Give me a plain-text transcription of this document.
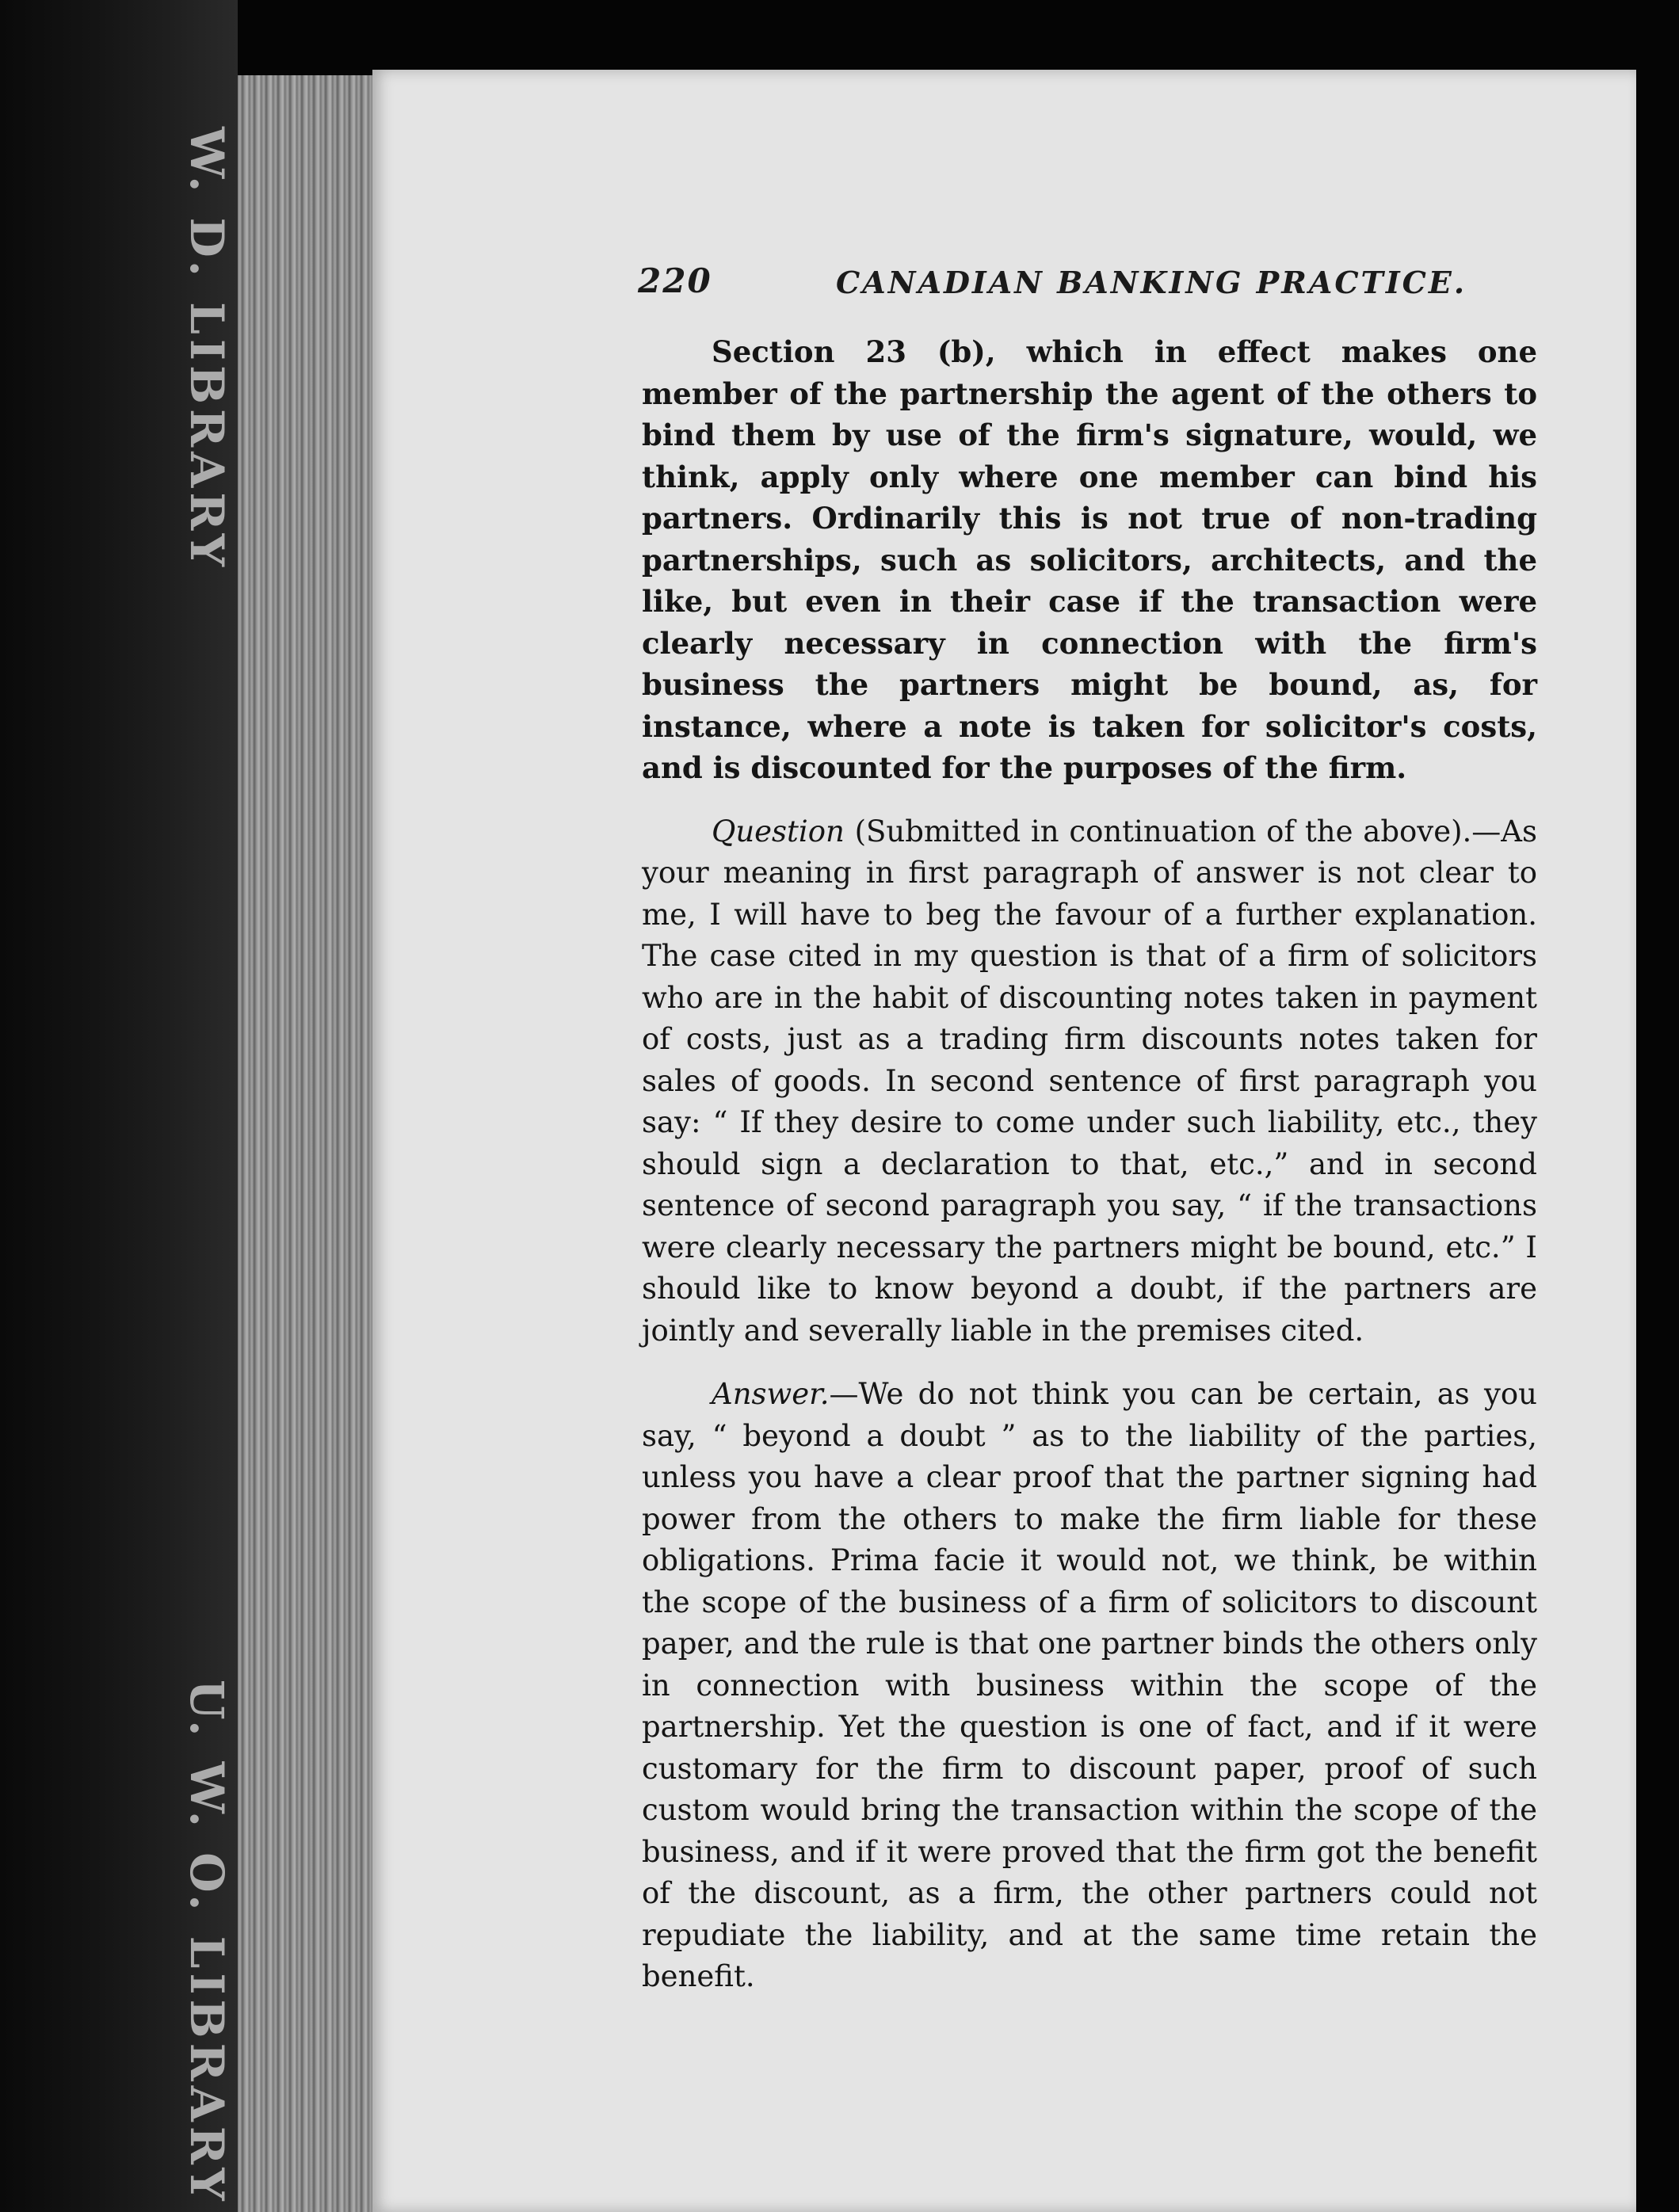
W. D. LIBRARY
U. W. O. LIBRARY
220	CANADIAN BANKING PRACTICE.

Section 23 (b), which in effect makes one member of the partnership the agent of the others to bind them by use of the firm's signature, would, we think, apply only where one member can bind his partners. Ordinarily this is not true of non-trading partnerships, such as solicitors, architects, and the like, but even in their case if the transaction were clearly necessary in connection with the firm's business the partners might be bound, as, for instance, where a note is taken for solicitor's costs, and is discounted for the purposes of the firm.

Question (Submitted in continuation of the above).—As your meaning in first paragraph of answer is not clear to me, I will have to beg the favour of a further explanation. The case cited in my question is that of a firm of solicitors who are in the habit of discounting notes taken in payment of costs, just as a trading firm discounts notes taken for sales of goods. In second sentence of first paragraph you say: “ If they desire to come under such liability, etc., they should sign a declaration to that, etc.,” and in second sentence of second paragraph you say, “ if the transactions were clearly necessary the partners might be bound, etc.” I should like to know beyond a doubt, if the partners are jointly and severally liable in the premises cited.

Answer.—We do not think you can be certain, as you say, “ beyond a doubt ” as to the liability of the parties, unless you have a clear proof that the partner signing had power from the others to make the firm liable for these obligations. Prima facie it would not, we think, be within the scope of the business of a firm of solicitors to discount paper, and the rule is that one partner binds the others only in connection with business within the scope of the partnership. Yet the question is one of fact, and if it were customary for the firm to discount paper, proof of such custom would bring the transaction within the scope of the business, and if it were proved that the firm got the benefit of the discount, as a firm, the other partners could not repudiate the liability, and at the same time retain the benefit.
